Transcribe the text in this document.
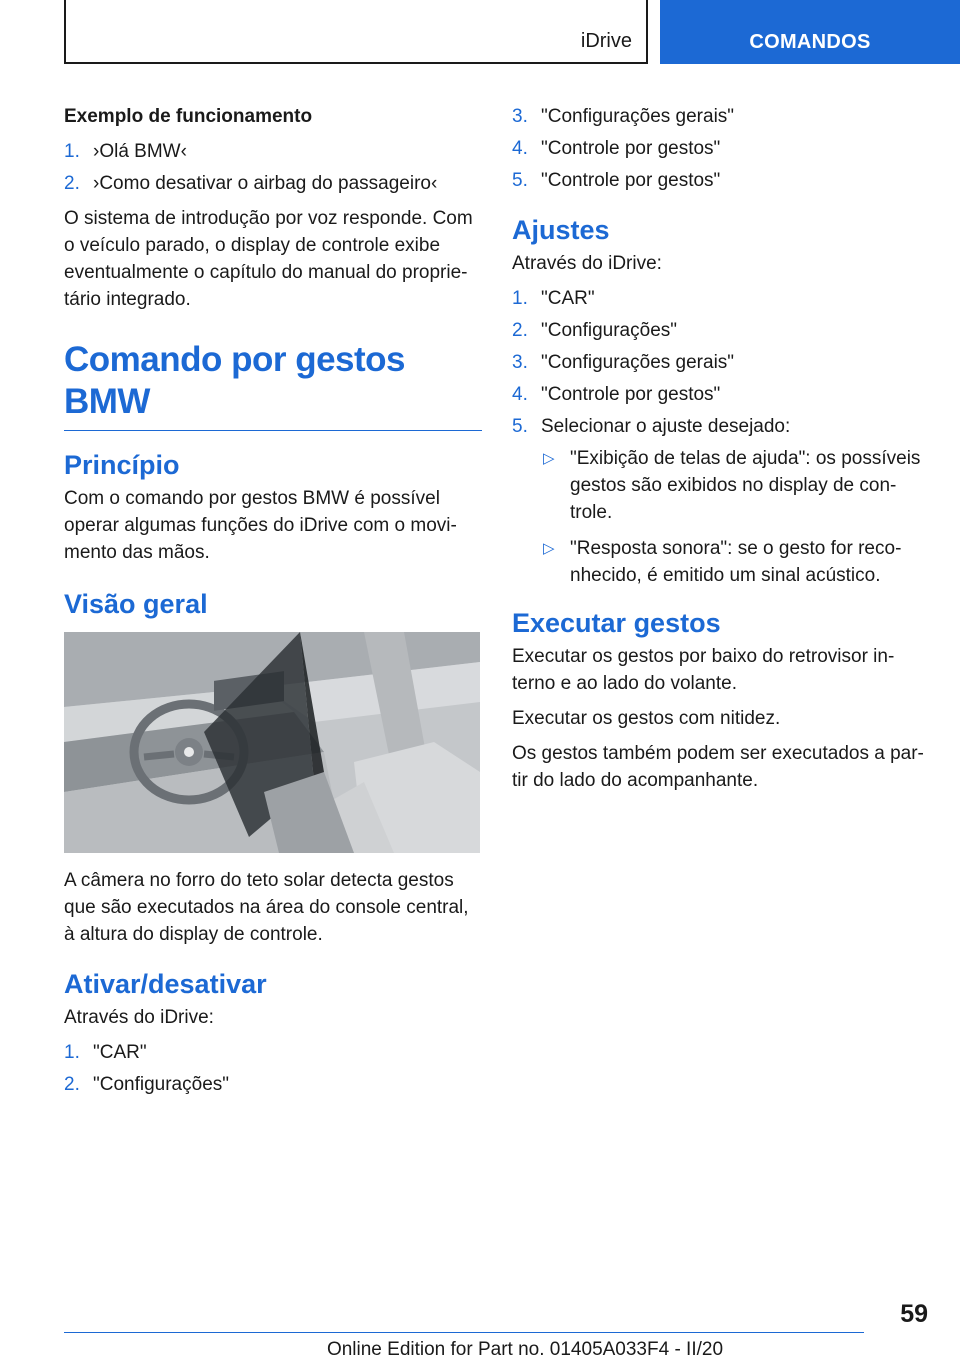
iDrive	COMANDOS

Exemplo de funcionamento

1. ›Olá BMW‹
2. ›Como desativar o airbag do passageiro‹

O sistema de introdução por voz responde. Com o veículo parado, o display de controle exibe eventualmente o capítulo do manual do proprietário integrado.

Comando por gestos BMW
Princípio

Com o comando por gestos BMW é possível operar algumas funções do iDrive com o movimento das mãos.

Visão geral

A câmera no forro do teto solar detecta gestos que são executados na área do console central, à altura do display de controle.

Ativar/desativar

Através do iDrive:

1. "CAR"
2. "Configurações"
3. "Configurações gerais"
4. "Controle por gestos"
5. "Controle por gestos"
Ajustes

Através do iDrive:

1. "CAR"
2. "Configurações"
3. "Configurações gerais"
4. "Controle por gestos"
5. Selecionar o ajuste desejado:
▷ "Exibição de telas de ajuda": os possíveis gestos são exibidos no display de controle.
▷ "Resposta sonora": se o gesto for reconhecido, é emitido um sinal acústico.
Executar gestos

Executar os gestos por baixo do retrovisor interno e ao lado do volante.

Executar os gestos com nitidez.

Os gestos também podem ser executados a partir do lado do acompanhante.

59
Online Edition for Part no. 01405A033F4 - II/20
